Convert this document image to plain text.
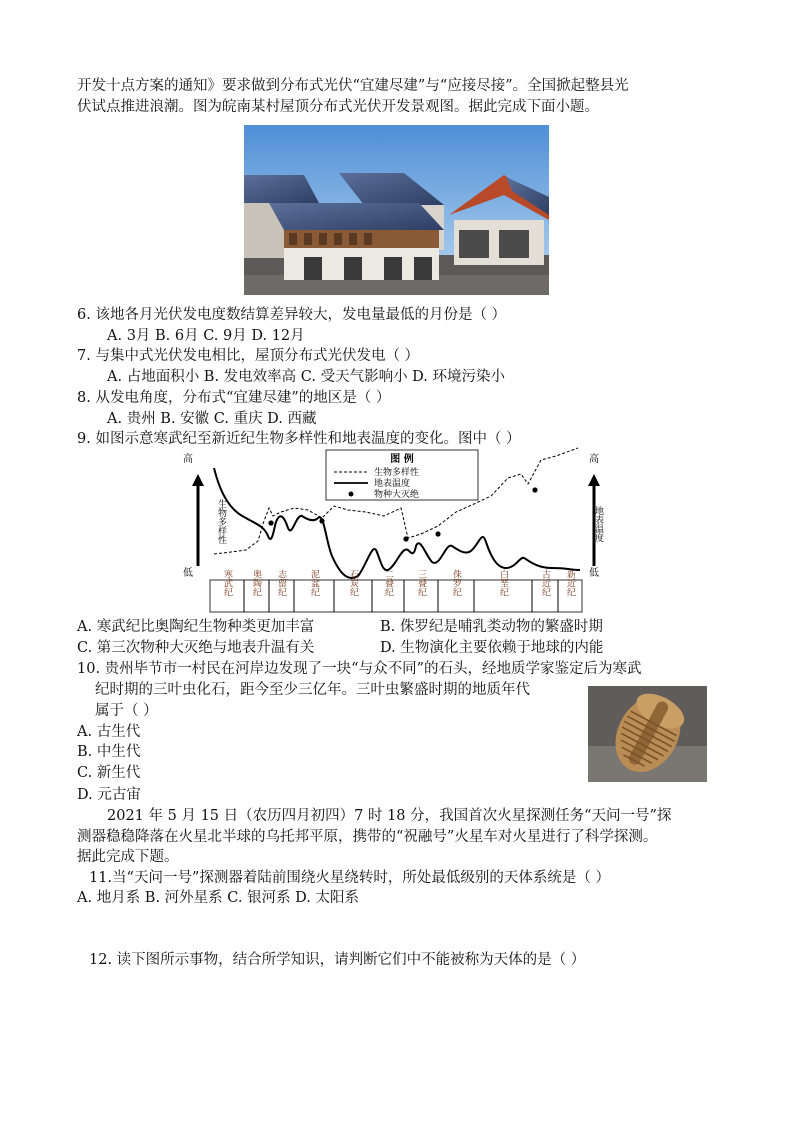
开发十点方案的通知》要求做到分布式光伏“宜建尽建”与“应接尽接”。全国掀起整县光
伏试点推进浪潮。图为皖南某村屋顶分布式光伏开发景观图。据此完成下面小题。
6. 该地各月光伏发电度数结算差异较大，发电量最低的月份是（ ）
A. 3月 B. 6月 C. 9月 D. 12月
7. 与集中式光伏发电相比，屋顶分布式光伏发电（ ）
A. 占地面积小 B. 发电效率高 C. 受天气影响小 D. 环境污染小
8. 从发电角度，分布式“宜建尽建”的地区是（ ）
A. 贵州 B. 安徽 C. 重庆 D. 西藏
9. 如图示意寒武纪至新近纪生物多样性和地表温度的变化。图中（ ）
高
低
生物多样性
高
低
地表温度
图 例
生物多样性
地表温度
物种大灭绝
寒武纪 奥陶纪 志留纪	泥盆纪	石炭纪	二叠纪	三叠纪	侏罗纪	白垩纪	古近纪 新近纪
A. 寒武纪比奥陶纪生物种类更加丰富	B. 侏罗纪是哺乳类动物的繁盛时期
C. 第三次物种大灭绝与地表升温有关	D. 生物演化主要依赖于地球的内能
10. 贵州毕节市一村民在河岸边发现了一块“与众不同”的石头，经地质学家鉴定后为寒武
纪时期的三叶虫化石，距今至少三亿年。三叶虫繁盛时期的地质年代
属于（ ）
A. 古生代
B. 中生代
C. 新生代
D. 元古宙
2021 年 5 月 15 日（农历四月初四）7 时 18 分，我国首次火星探测任务“天问一号”探
测器稳稳降落在火星北半球的乌托邦平原，携带的“祝融号”火星车对火星进行了科学探测。
据此完成下题。
11.当“天问一号”探测器着陆前围绕火星绕转时，所处最低级别的天体系统是（ ）
A. 地月系 B. 河外星系 C. 银河系 D. 太阳系
12. 读下图所示事物，结合所学知识，请判断它们中不能被称为天体的是（ ）
